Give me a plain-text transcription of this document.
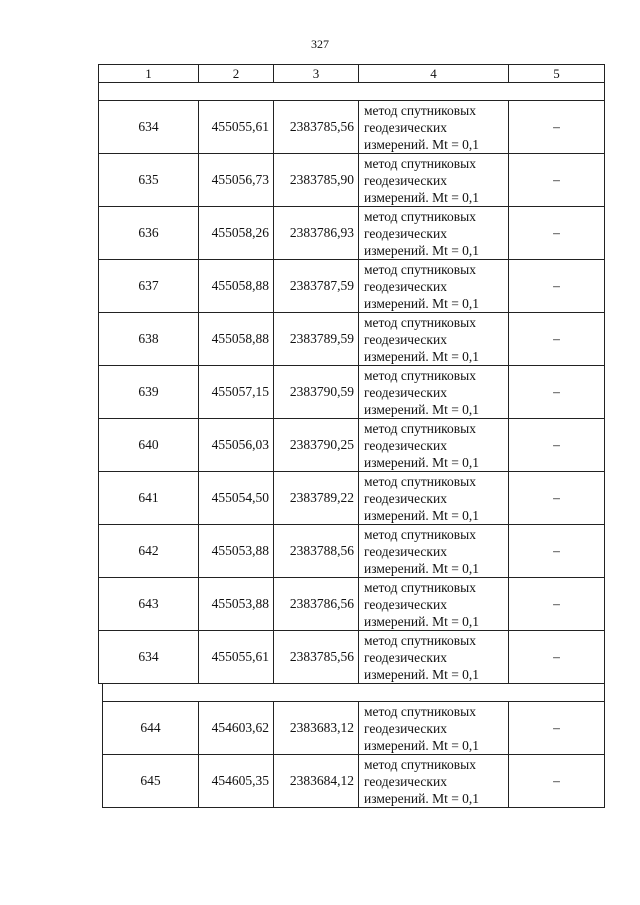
327
1	2	3	4	5

634	455055,61	2383785,56	метод спутниковых
геодезических
измерений. Mt = 0,1	–
635	455056,73	2383785,90	метод спутниковых
геодезических
измерений. Mt = 0,1	–
636	455058,26	2383786,93	метод спутниковых
геодезических
измерений. Mt = 0,1	–
637	455058,88	2383787,59	метод спутниковых
геодезических
измерений. Mt = 0,1	–
638	455058,88	2383789,59	метод спутниковых
геодезических
измерений. Mt = 0,1	–
639	455057,15	2383790,59	метод спутниковых
геодезических
измерений. Mt = 0,1	–
640	455056,03	2383790,25	метод спутниковых
геодезических
измерений. Mt = 0,1	–
641	455054,50	2383789,22	метод спутниковых
геодезических
измерений. Mt = 0,1	–
642	455053,88	2383788,56	метод спутниковых
геодезических
измерений. Mt = 0,1	–
643	455053,88	2383786,56	метод спутниковых
геодезических
измерений. Mt = 0,1	–
634	455055,61	2383785,56	метод спутниковых
геодезических
измерений. Mt = 0,1	–

644	454603,62	2383683,12	метод спутниковых
геодезических
измерений. Mt = 0,1	–
645	454605,35	2383684,12	метод спутниковых
геодезических
измерений. Mt = 0,1	–
